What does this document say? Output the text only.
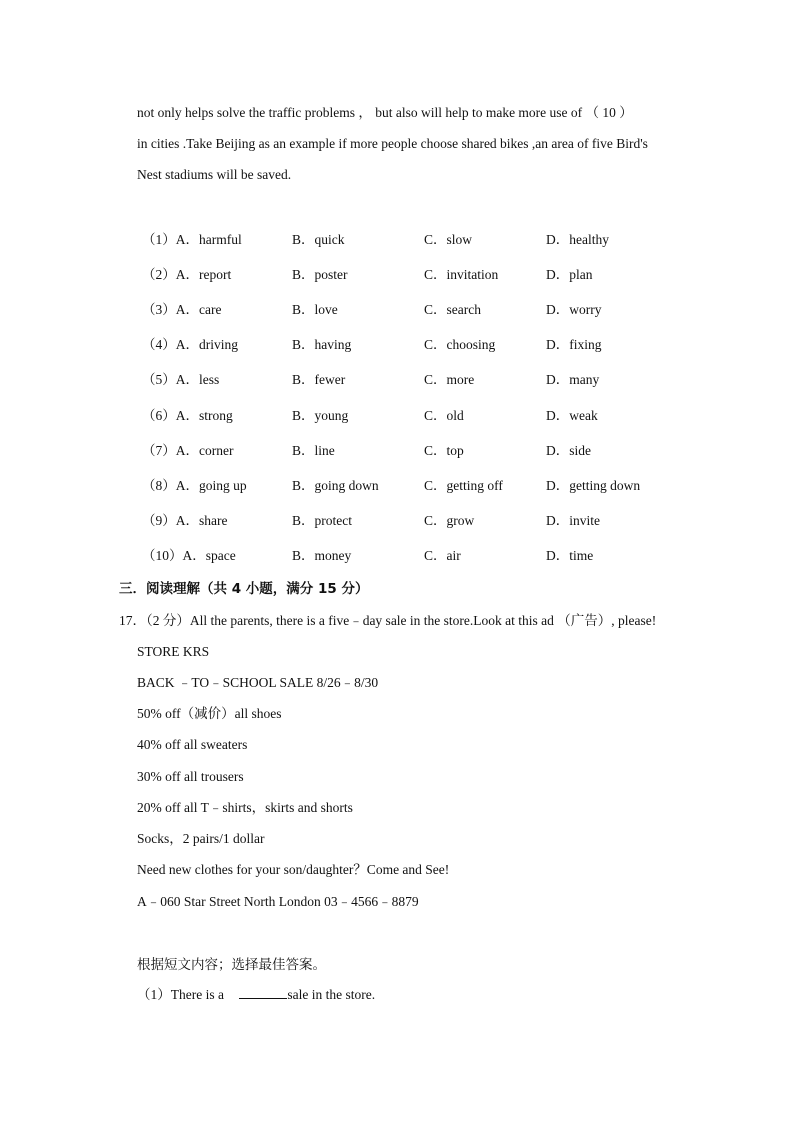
not only helps solve the traffic problems ， but also will help to make more use of （ 10 ）
in cities .Take Beijing as an example if more people choose shared bikes ,an area of five Bird's
Nest stadiums will be saved.
（1）A．harmful	B．quick	C．slow	D．healthy
（2）A．report	B．poster	C．invitation	D．plan
（3）A．care	B．love	C．search	D．worry
（4）A．driving	B．having	C．choosing	D．fixing
（5）A．less	B．fewer	C．more	D．many
（6）A．strong	B．young	C．old	D．weak
（7）A．corner	B．line	C．top	D．side
（8）A．going up	B．going down	C．getting off	D．getting down
（9）A．share	B．protect	C．grow	D．invite
（10）A．space	B．money	C．air	D．time
三．阅读理解（共 4 小题，满分 15 分）
17．（2 分）All the parents, there is a five﹣day sale in the store.Look at this ad （广告）, please!
STORE KRS
BACK ﹣TO﹣SCHOOL SALE 8/26﹣8/30
50% off（减价）all shoes
40% off all sweaters
30% off all trousers
20% off all T﹣shirts，skirts and shorts
Socks，2 pairs/1 dollar
Need new clothes for your son/daughter？Come and See!
A﹣060 Star Street North London 03﹣4566﹣8879
根据短文内容；选择最佳答案。
（1）There is a	sale in the store.
